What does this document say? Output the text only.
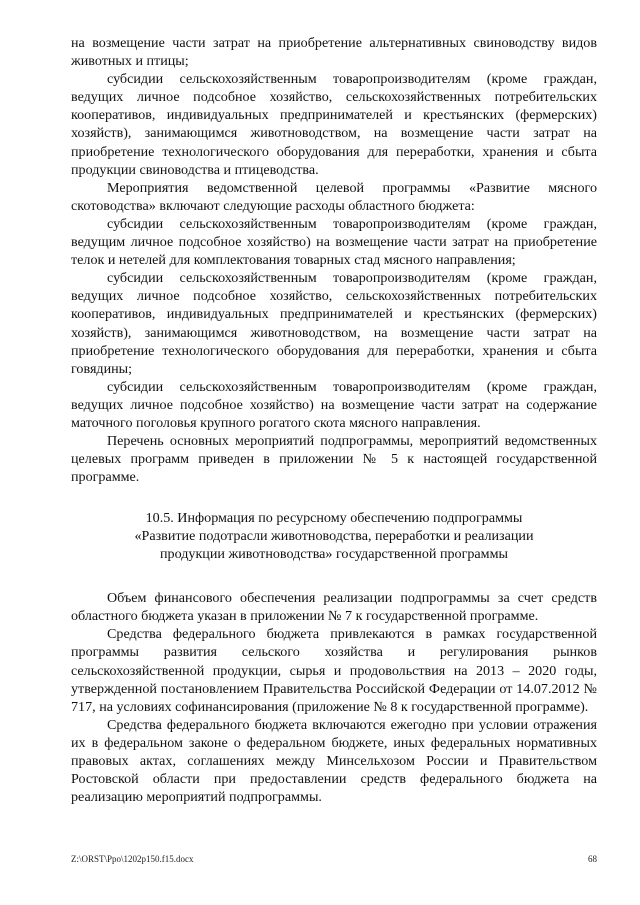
на возмещение части затрат на приобретение альтернативных свиноводству видов животных и птицы;

субсидии сельскохозяйственным товаропроизводителям (кроме граждан, ведущих личное подсобное хозяйство, сельскохозяйственных потребительских кооперативов, индивидуальных предпринимателей и крестьянских (фермерских) хозяйств), занимающимся животноводством, на возмещение части затрат на приобретение технологического оборудования для переработки, хранения и сбыта продукции свиноводства и птицеводства.

Мероприятия ведомственной целевой программы «Развитие мясного скотоводства» включают следующие расходы областного бюджета:

субсидии сельскохозяйственным товаропроизводителям (кроме граждан, ведущим личное подсобное хозяйство) на возмещение части затрат на приобретение телок и нетелей для комплектования товарных стад мясного направления;

субсидии сельскохозяйственным товаропроизводителям (кроме граждан, ведущих личное подсобное хозяйство, сельскохозяйственных потребительских кооперативов, индивидуальных предпринимателей и крестьянских (фермерских) хозяйств), занимающимся животноводством, на возмещение части затрат на приобретение технологического оборудования для переработки, хранения и сбыта говядины;

субсидии сельскохозяйственным товаропроизводителям (кроме граждан, ведущих личное подсобное хозяйство) на возмещение части затрат на содержание маточного поголовья крупного рогатого скота мясного направления.

Перечень основных мероприятий подпрограммы, мероприятий ведомственных целевых программ приведен в приложении № 5 к настоящей государственной программе.

10.5. Информация по ресурсному обеспечению подпрограммы
«Развитие подотрасли животноводства, переработки и реализации
продукции животноводства» государственной программы

Объем финансового обеспечения реализации подпрограммы за счет средств областного бюджета указан в приложении № 7 к государственной программе.

Средства федерального бюджета привлекаются в рамках государственной программы развития сельского хозяйства и регулирования рынков сельскохозяйственной продукции, сырья и продовольствия на 2013 – 2020 годы, утвержденной постановлением Правительства Российской Федерации от 14.07.2012 № 717, на условиях софинансирования (приложение № 8 к государственной программе).

Средства федерального бюджета включаются ежегодно при условии отражения их в федеральном законе о федеральном бюджете, иных федеральных нормативных правовых актах, соглашениях между Минсельхозом России и Правительством Ростовской области при предоставлении средств федерального бюджета на реализацию мероприятий подпрограммы.

Z:\ORST\Ppo\1202p150.f15.docx	68
